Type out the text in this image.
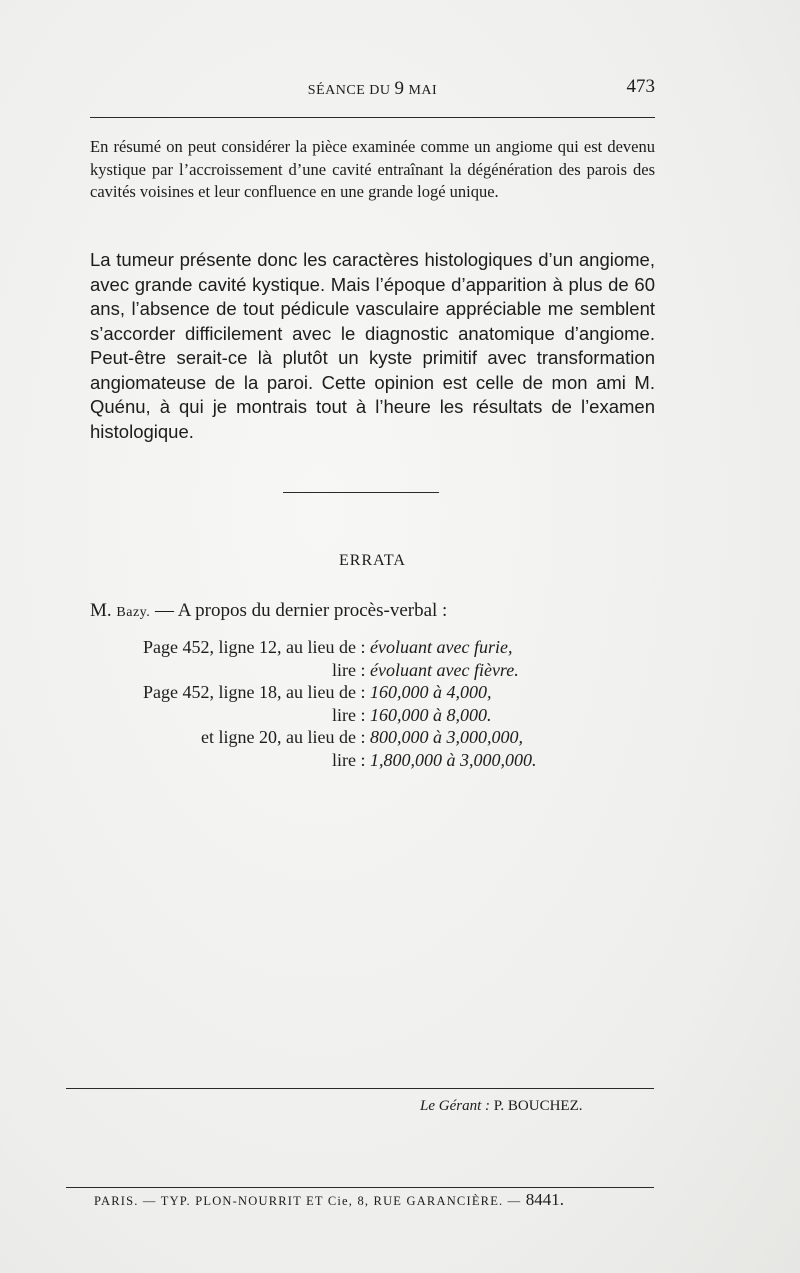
SÉANCE DU 9 MAI	473

En résumé on peut considérer la pièce examinée comme un angiome qui est devenu kystique par l’accroissement d’une cavité entraînant la dégénération des parois des cavités voisines et leur confluence en une grande logé unique.

La tumeur présente donc les caractères histologiques d’un angiome, avec grande cavité kystique. Mais l’époque d’apparition à plus de 60 ans, l’absence de tout pédicule vasculaire appréciable me semblent s’accorder difficilement avec le diagnostic anatomique d’angiome. Peut-être serait-ce là plutôt un kyste primitif avec transformation angiomateuse de la paroi. Cette opinion est celle de mon ami M. Quénu, à qui je montrais tout à l’heure les résultats de l’examen histologique.

ERRATA
M. Bazy. — A propos du dernier procès-verbal :
Page 452, ligne 12, au lieu de : évoluant avec furie,
lire : évoluant avec fièvre.
Page 452, ligne 18, au lieu de : 160,000 à 4,000,
lire : 160,000 à 8,000.
et ligne 20, au lieu de : 800,000 à 3,000,000,
lire : 1,800,000 à 3,000,000.
Le Gérant : P. BOUCHEZ.
PARIS. — TYP. PLON-NOURRIT ET Cie, 8, RUE GARANCIÈRE. — 8441.
